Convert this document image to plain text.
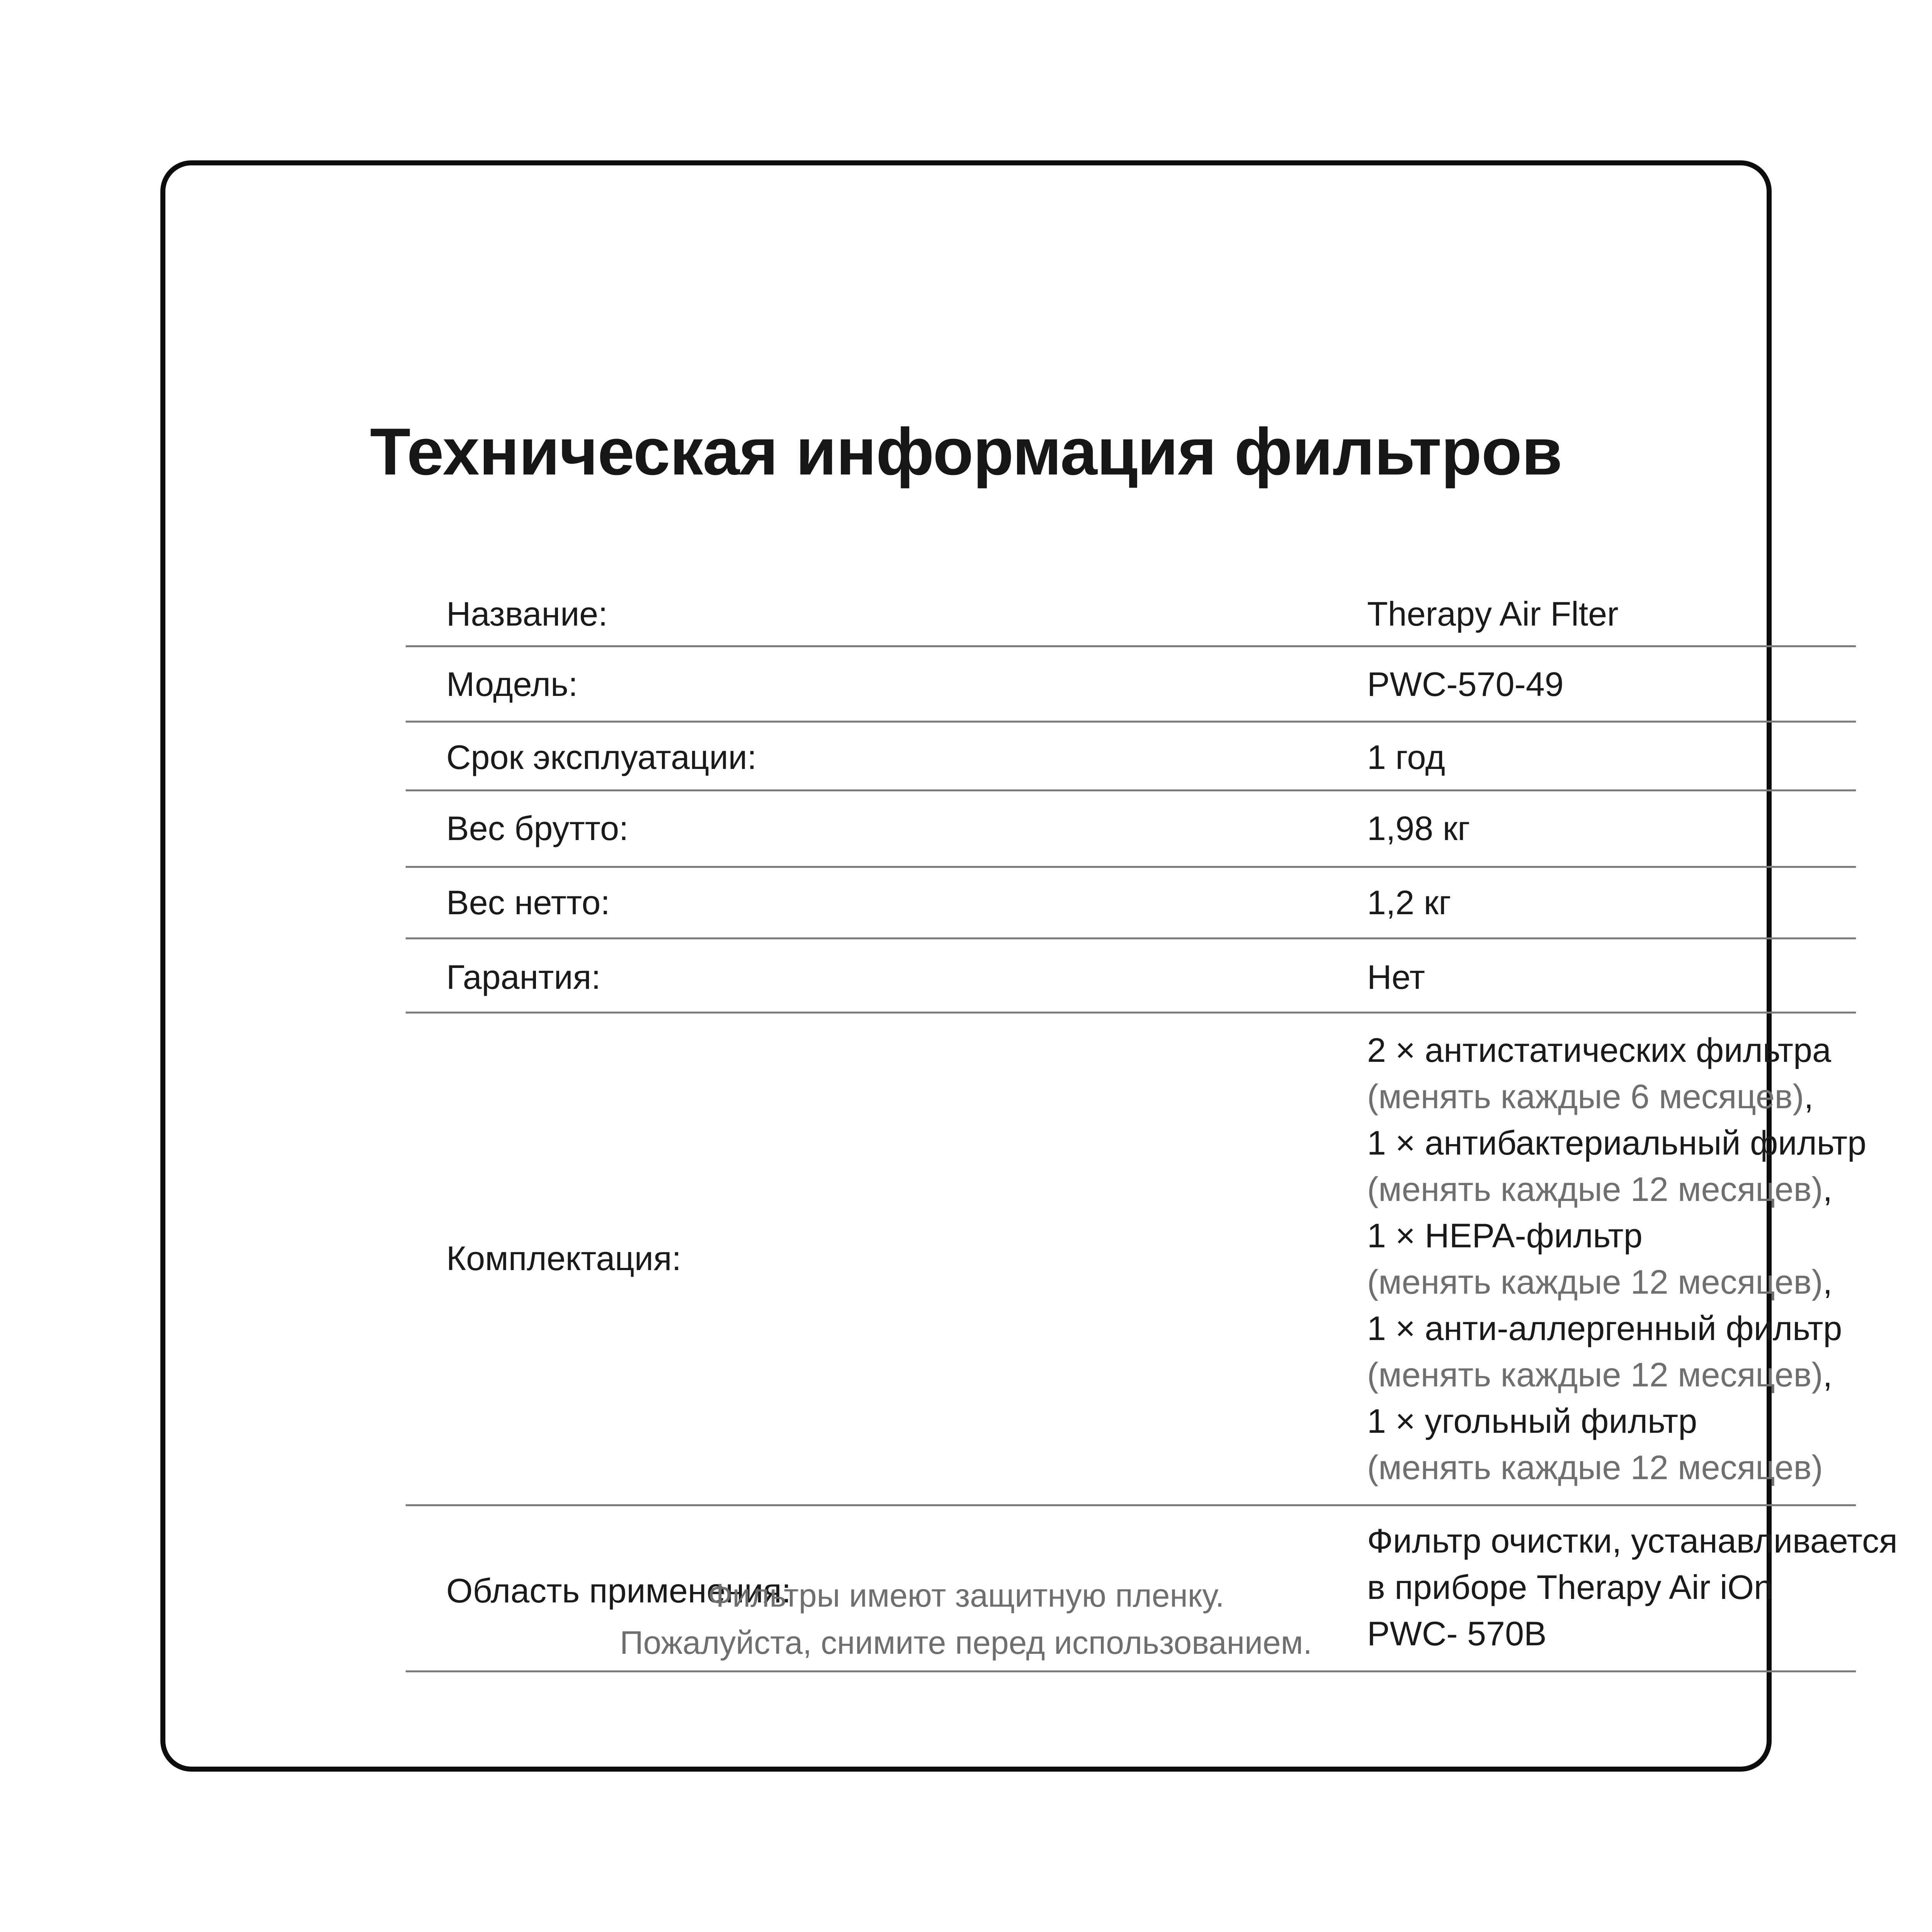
Техническая информация фильтров
Название:	Therapy Air Flter
Модель:	PWC-570-49
Срок эксплуатации:	1 год
Вес брутто:	1,98 кг
Вес нетто:	1,2 кг
Гарантия:	Нет
Комплектация:
2 × антистатических фильтра
(менять каждые 6 месяцев),
1 × антибактериальный фильтр
(менять каждые 12 месяцев),
1 × HEPA-фильтр
(менять каждые 12 месяцев),
1 × анти-аллергенный фильтр
(менять каждые 12 месяцев),
1 × угольный фильтр
(менять каждые 12 месяцев)
Область применения:
Фильтр очистки, устанавливается
в приборе Therapy Air iOn
PWC- 570B
Фильтры имеют защитную пленку.
Пожалуйста, снимите перед использованием.
